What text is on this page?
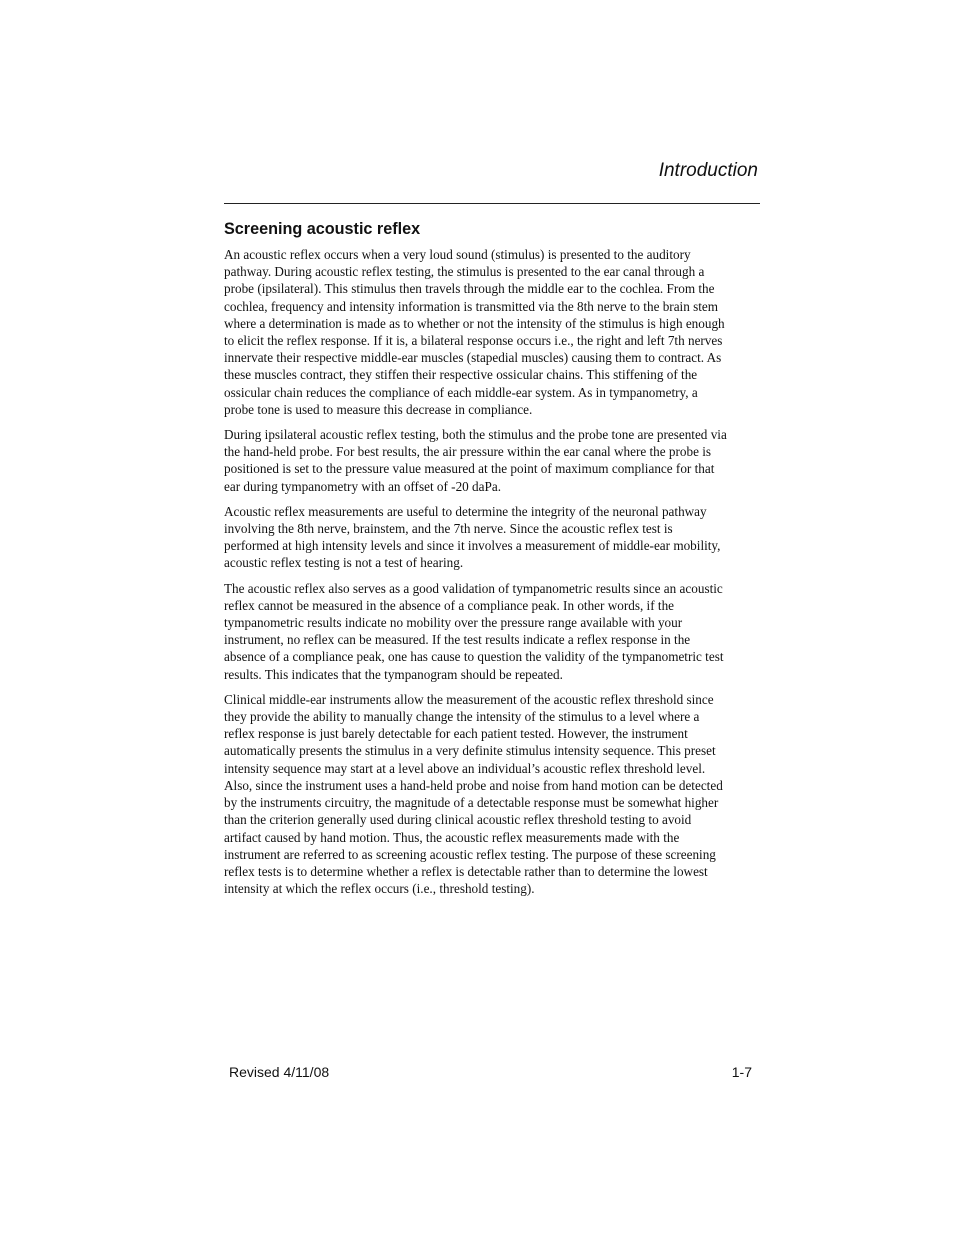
Introduction
Screening acoustic reflex

An acoustic reflex occurs when a very loud sound (stimulus) is presented to the auditory
pathway. During acoustic reflex testing, the stimulus is presented to the ear canal through a
probe (ipsilateral). This stimulus then travels through the middle ear to the cochlea. From the
cochlea, frequency and intensity information is transmitted via the 8th nerve to the brain stem
where a determination is made as to whether or not the intensity of the stimulus is high enough
to elicit the reflex response. If it is, a bilateral response occurs i.e., the right and left 7th nerves
innervate their respective middle-ear muscles (stapedial muscles) causing them to contract. As
these muscles contract, they stiffen their respective ossicular chains. This stiffening of the
ossicular chain reduces the compliance of each middle-ear system. As in tympanometry, a
probe tone is used to measure this decrease in compliance.

During ipsilateral acoustic reflex testing, both the stimulus and the probe tone are presented via
the hand-held probe. For best results, the air pressure within the ear canal where the probe is
positioned is set to the pressure value measured at the point of maximum compliance for that
ear during tympanometry with an offset of -20 daPa.

Acoustic reflex measurements are useful to determine the integrity of the neuronal pathway
involving the 8th nerve, brainstem, and the 7th nerve. Since the acoustic reflex test is
performed at high intensity levels and since it involves a measurement of middle-ear mobility,
acoustic reflex testing is not a test of hearing.

The acoustic reflex also serves as a good validation of tympanometric results since an acoustic
reflex cannot be measured in the absence of a compliance peak. In other words, if the
tympanometric results indicate no mobility over the pressure range available with your
instrument, no reflex can be measured. If the test results indicate a reflex response in the
absence of a compliance peak, one has cause to question the validity of the tympanometric test
results. This indicates that the tympanogram should be repeated.

Clinical middle-ear instruments allow the measurement of the acoustic reflex threshold since
they provide the ability to manually change the intensity of the stimulus to a level where a
reflex response is just barely detectable for each patient tested. However, the instrument
automatically presents the stimulus in a very definite stimulus intensity sequence. This preset
intensity sequence may start at a level above an individual’s acoustic reflex threshold level.
Also, since the instrument uses a hand-held probe and noise from hand motion can be detected
by the instruments circuitry, the magnitude of a detectable response must be somewhat higher
than the criterion generally used during clinical acoustic reflex threshold testing to avoid
artifact caused by hand motion. Thus, the acoustic reflex measurements made with the
instrument are referred to as screening acoustic reflex testing. The purpose of these screening
reflex tests is to determine whether a reflex is detectable rather than to determine the lowest
intensity at which the reflex occurs (i.e., threshold testing).

Revised 4/11/08	1-7
